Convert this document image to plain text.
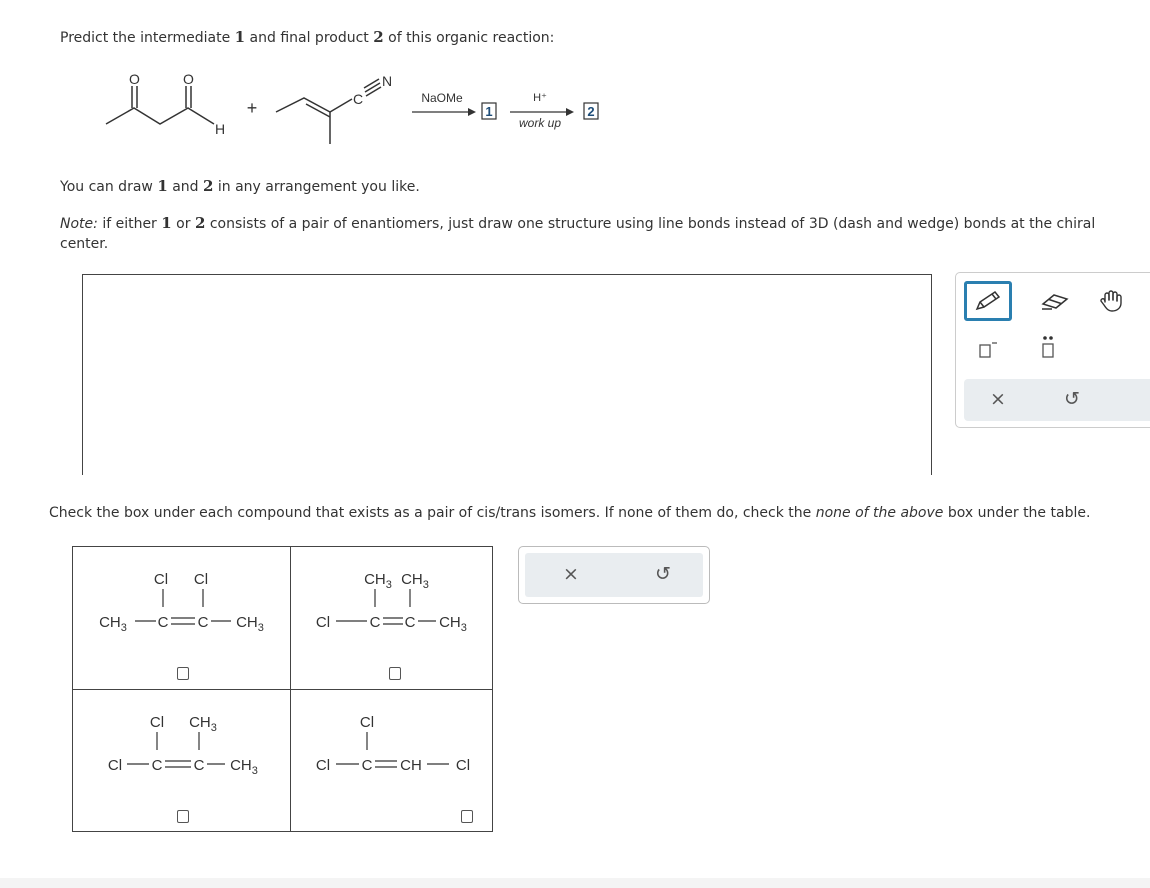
Predict the intermediate 1 and final product 2 of this organic reaction:
O	O
H
+	C
N
NaOMe
1
H⁺
work up
2
You can draw 1 and 2 in any arrangement you like.
Note: if either 1 or 2 consists of a pair of enantiomers, just draw one structure using line bonds instead of 3D (dash and wedge) bonds at the chiral center.
×	↺
Check the box under each compound that exists as a pair of cis/trans isomers. If none of them do, check the none of the above box under the table.
Cl Cl
$CH_3$ C C $CH_3$
$CH_3$ $CH_3$
Cl	C C $CH_3$
Cl $CH_3$
Cl C C $CH_3$
Cl
Cl C CH Cl
×	↺
